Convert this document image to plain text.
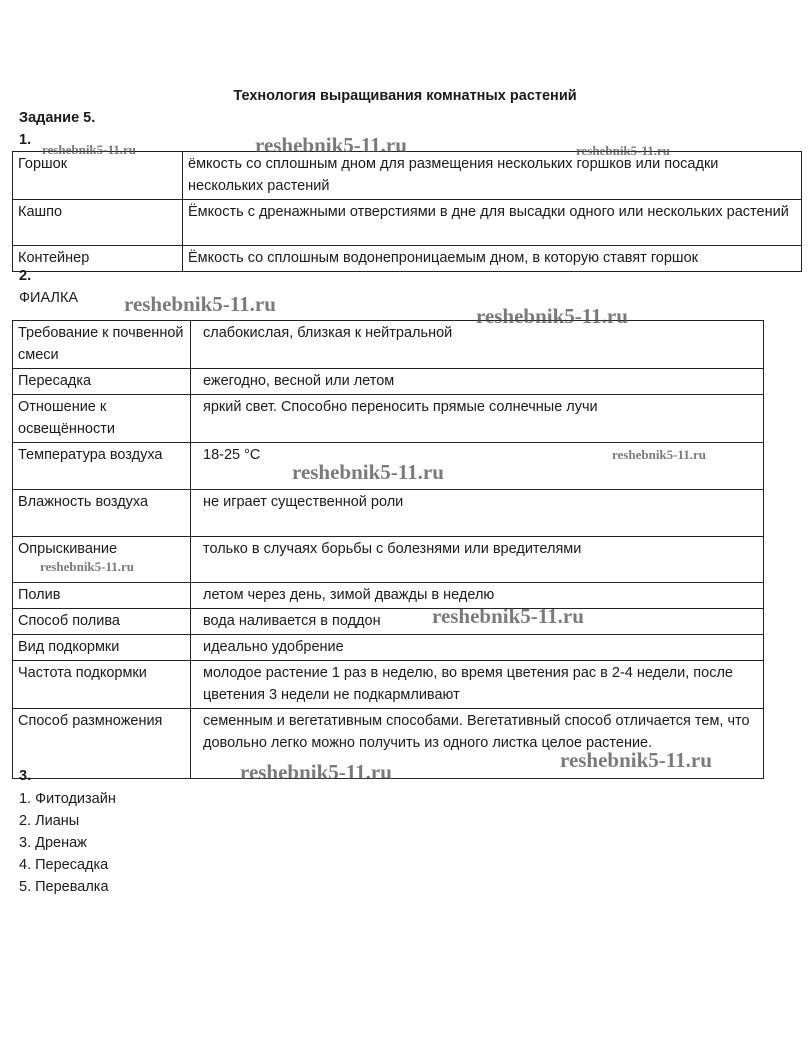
Технология выращивания комнатных растений
Задание 5.
1.
Горшок	ёмкость со сплошным дном для размещения нескольких горшков или посадки нескольких растений
Кашпо	Ёмкость с дренажными отверстиями в дне для высадки одного или нескольких растений
Контейнер	Ёмкость со сплошным водонепроницаемым дном, в которую ставят горшок
2.
ФИАЛКА
Требование к почвенной смеси	слабокислая, близкая к нейтральной
Пересадка	ежегодно, весной или летом
Отношение к освещённости	яркий свет. Способно переносить прямые солнечные лучи
Температура воздуха	18-25 °С
Влажность воздуха	не играет существенной роли
Опрыскивание	только в случаях борьбы с болезнями или вредителями
Полив	летом через день, зимой дважды в неделю
Способ полива	вода наливается в поддон
Вид подкормки	идеально удобрение
Частота подкормки	молодое растение 1 раз в неделю, во время цветения рас в 2-4 недели, после цветения 3 недели не подкармливают
Способ размножения	семенным и вегетативным способами. Вегетативный способ отличается тем, что довольно легко можно получить из одного листка целое растение.
3.
1. Фитодизайн
2. Лианы
3. Дренаж
4. Пересадка
5. Перевалка
reshebnik5-11.ru
reshebnik5-11.ru	reshebnik5-11.ru
reshebnik5-11.ru	reshebnik5-11.ru
reshebnik5-11.ru
reshebnik5-11.ru
reshebnik5-11.ru
reshebnik5-11.ru
reshebnik5-11.ru
reshebnik5-11.ru
